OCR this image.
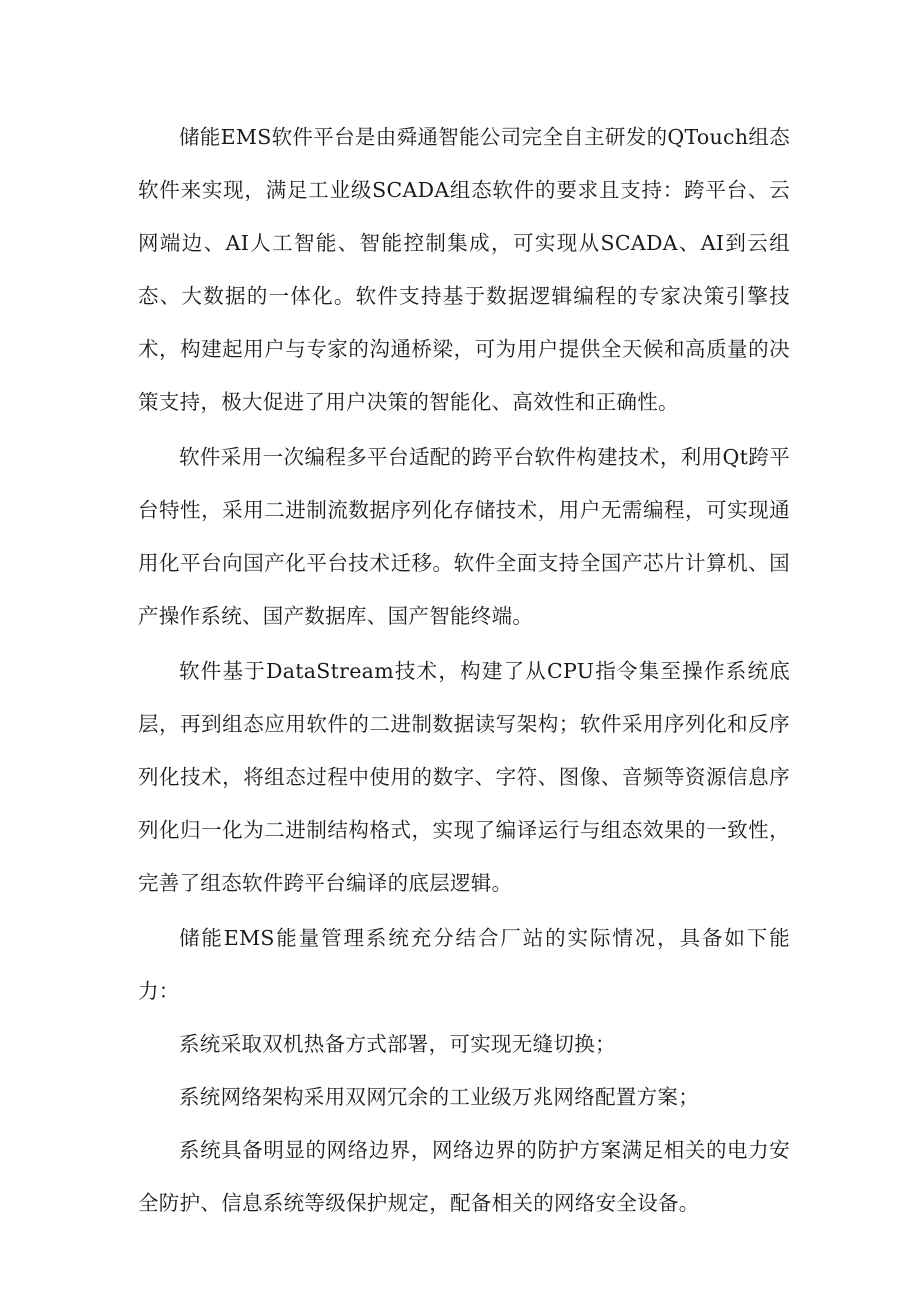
储能EMS软件平台是由舜通智能公司完全自主研发的QTouch组态软件来实现，满足工业级SCADA组态软件的要求且支持：跨平台、云网端边、AI人工智能、智能控制集成，可实现从SCADA、AI到云组态、大数据的一体化。软件支持基于数据逻辑编程的专家决策引擎技术，构建起用户与专家的沟通桥梁，可为用户提供全天候和高质量的决策支持，极大促进了用户决策的智能化、高效性和正确性。

软件采用一次编程多平台适配的跨平台软件构建技术，利用Qt跨平台特性，采用二进制流数据序列化存储技术，用户无需编程，可实现通用化平台向国产化平台技术迁移。软件全面支持全国产芯片计算机、国产操作系统、国产数据库、国产智能终端。

软件基于DataStream技术，构建了从CPU指令集至操作系统底层，再到组态应用软件的二进制数据读写架构；软件采用序列化和反序列化技术，将组态过程中使用的数字、字符、图像、音频等资源信息序列化归一化为二进制结构格式，实现了编译运行与组态效果的一致性，完善了组态软件跨平台编译的底层逻辑。

储能EMS能量管理系统充分结合厂站的实际情况，具备如下能力：

系统采取双机热备方式部署，可实现无缝切换；

系统网络架构采用双网冗余的工业级万兆网络配置方案；

系统具备明显的网络边界，网络边界的防护方案满足相关的电力安全防护、信息系统等级保护规定，配备相关的网络安全设备。
